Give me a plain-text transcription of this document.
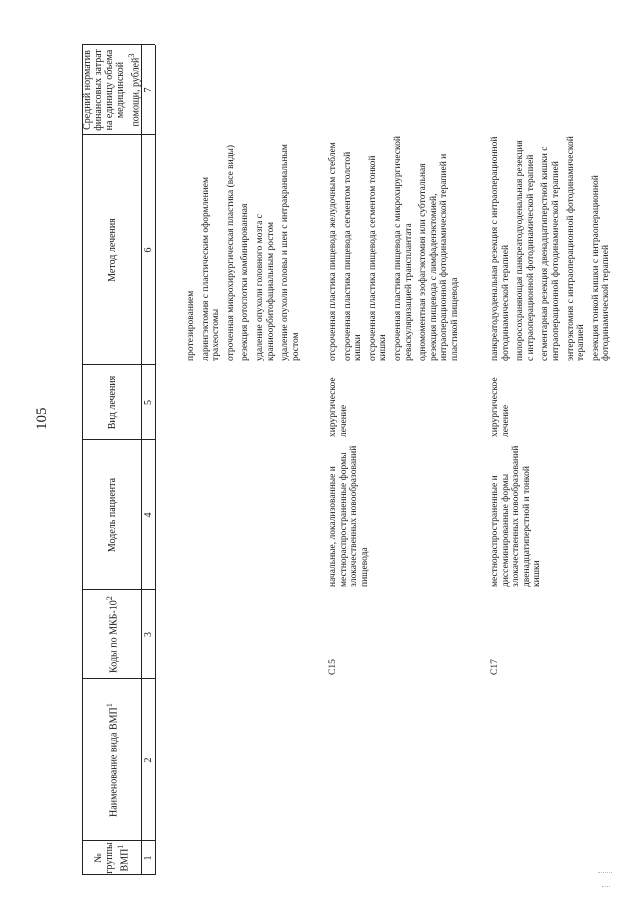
105
№ группы ВМП$^1$
Наименование вида ВМП$^1$
Коды по МКБ-$10^2$
Модель пациента
Вид лечения
Метод лечения
Средний норматив финансовых затрат на единицу объема медицинской помощи, рублей$^3$
1
2
3
4
5
6
7

протезированием ларингэктомия с пластическим оформлением трахеостомы отроченная микрохирургическая пластика (все виды) резекция ротоглотки комбинированная удаление опухоли головного мозга с краниоорбитофациальным ростом удаление опухоли головы и шеи с интракраниальным ростом

C15
начальные, локализованные и местнораспространенные формы злокачественных новообразований пищевода
хирургическое лечение

отсроченная пластика пищевода желудочным стеблем отсроченная пластика пищевода сегментом толстой кишки отсроченная пластика пищевода сегментом тонкой кишки отсроченная пластика пищевода с микрохирургической реваскуляризацией трансплантата одномоментная эзофагэктомия или субтотальная резекция пищевода с лимфаденэктомией, интраоперационной фотодинамической терапией и пластикой пищевода

C17
местнораспространенные и диссеминированные формы злокачественных новообразований двенадцатиперстной и тонкой кишки
хирургическое лечение

панкреатодуоденальная резекция с интраоперационной фотодинамической терапией пилоросохраняющая панкреатодуоденальная резекция с интраоперационной фотодинамической терапией сегментарная резекция двенадцатиперстной кишки с интраоперационной фотодинамической терапией энтерэктомия с интраоперационной фотодинамической терапией резекция тонкой кишки с интраоперационной фотодинамической терапией
